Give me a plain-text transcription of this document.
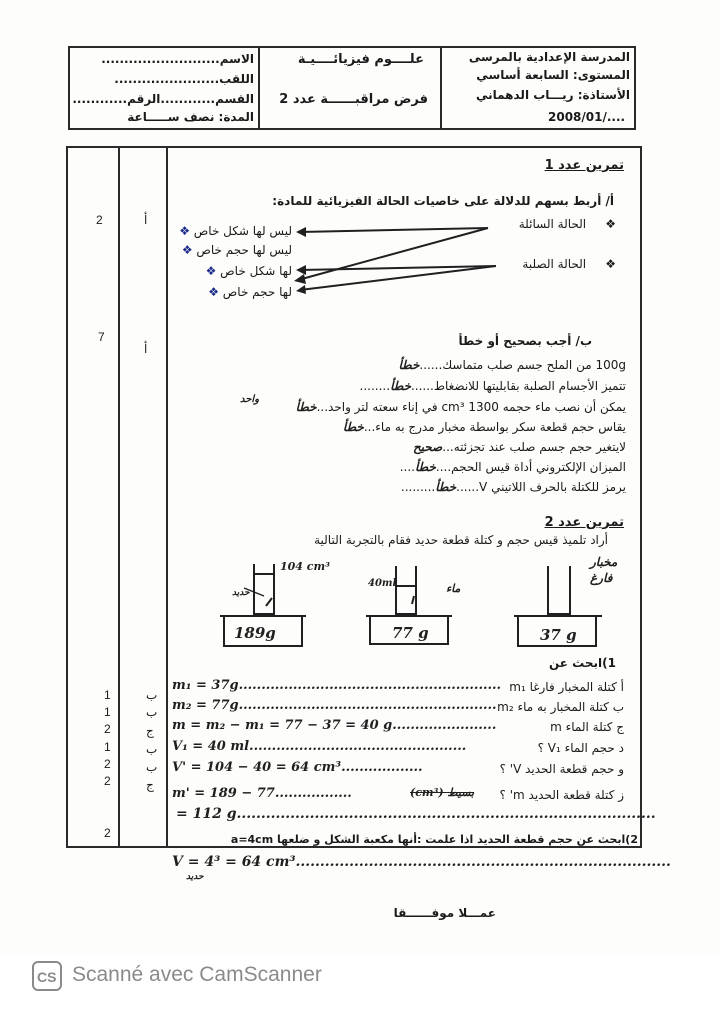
المدرسة الإعدادية بالمرسى
المستوى: السابعة أساسي
الأستاذة: ريـــاب الدهماني
2008/01/....
علــــوم فيزيائــــيـة
فرض مراقبــــــة عدد 2
الاسم..........................
اللقب.......................
القسم............الرقم............
المدة: نصف ســـــاعة
2	أ
7
أ
1
1
2
1
2
2
2
ب
ب
ج
ب
ب
ج
تمرين عدد 1
أ/ أربط بسهم للدلالة على خاصيات الحالة الفيزيائية للمادة:
❖     الحالة السائلة
❖     الحالة الصلبة
ليس لها شكل خاص ❖
ليس لها حجم خاص ❖
لها شكل خاص ❖
لها حجم خاص ❖
ب/ أجب بصحيح أو خطأ
100g من الملح جسم صلب متماسك......خطأ
تتميز الأجسام الصلبة بقابليتها للانضغاط......خطأ........
يمكن أن نصب ماء حجمه 1300 cm³ في إناء سعته لتر واحد...خطأ
واحد
يقاس حجم قطعة سكر بواسطة مخبار مدرج به ماء...خطأ
لايتغير حجم جسم صلب عند تجزئته...صحيح
الميزان الإلكتروني أداة قيس الحجم....خطأ....
يرمز للكتلة بالحرف اللاتيني V......خطأ.........
تمرين عدد 2
أراد تلميذ قيس حجم و كتلة قطعة حديد فقام بالتجربة التالية
104 cm³
حديد
189g
40ml	ماء
77 g
مخبار فارغ
37 g
1)ابحث عن
أ كتلة المخبار فارغا m₁
m₁ = 37g..........................................................
ب كتلة المخبار به ماء m₂
m₂ = 77g.........................................................
ج كتلة الماء m
m = m₂ − m₁ = 77 − 37 = 40 g.......................
د حجم الماء V₁ ؟
V₁ = 40 ml................................................
و حجم قطعة الحديد V' ؟
V' = 104 − 40 = 64 cm³..................
ز كتلة قطعة الحديد m' ؟
(cm³) بسيط
m' = 189 − 77.................
= 112 g......................................................................................
2)ابحث عن حجم قطعة الحديد اذا علمت :أنها مكعبة الشكل و ضلعها a=4cm
V = 4³ = 64 cm³.............................................................................
حديد
عمـــلا موفــــــقا
CS Scanné avec CamScanner
